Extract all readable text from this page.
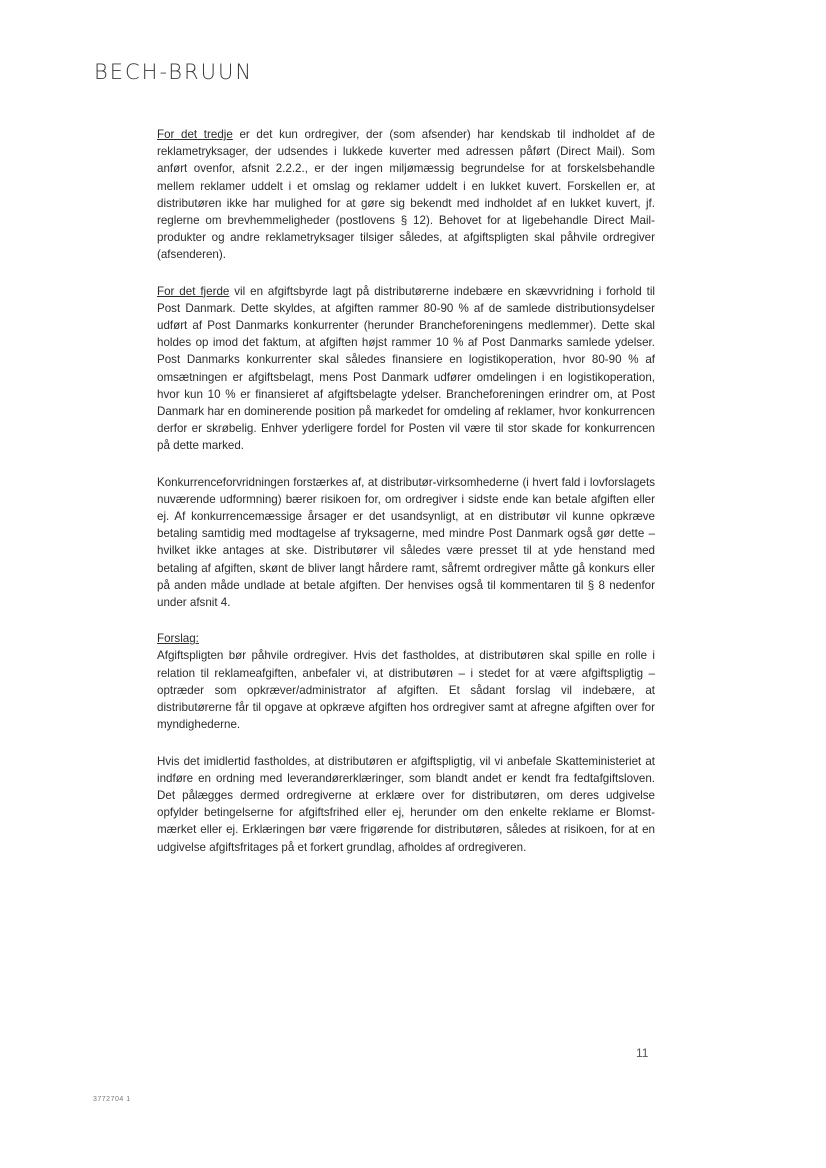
BECH-BRUUN

For det tredje er det kun ordregiver, der (som afsender) har kendskab til indholdet af de reklametryksager, der udsendes i lukkede kuverter med adressen påført (Direct Mail). Som anført ovenfor, afsnit 2.2.2., er der ingen miljømæssig begrundelse for at forskelsbehandle mellem reklamer uddelt i et omslag og reklamer uddelt i en lukket kuvert. Forskellen er, at distributøren ikke har mulighed for at gøre sig bekendt med indholdet af en lukket kuvert, jf. reglerne om brevhemmeligheder (postlovens § 12). Behovet for at ligebehandle Direct Mail-produkter og andre reklametryksager tilsiger således, at afgiftspligten skal påhvile ordregiver (afsenderen).

For det fjerde vil en afgiftsbyrde lagt på distributørerne indebære en skævvridning i forhold til Post Danmark. Dette skyldes, at afgiften rammer 80-90 % af de samlede distributionsydelser udført af Post Danmarks konkurrenter (herunder Brancheforeningens medlemmer). Dette skal holdes op imod det faktum, at afgiften højst rammer 10 % af Post Danmarks samlede ydelser. Post Danmarks konkurrenter skal således finansiere en logistikoperation, hvor 80-90 % af omsætningen er afgiftsbelagt, mens Post Danmark udfører omdelingen i en logistikoperation, hvor kun 10 % er finansieret af afgiftsbelagte ydelser. Brancheforeningen erindrer om, at Post Danmark har en dominerende position på markedet for omdeling af reklamer, hvor konkurrencen derfor er skrøbelig. Enhver yderligere fordel for Posten vil være til stor skade for konkurrencen på dette marked.

Konkurrenceforvridningen forstærkes af, at distributør-virksomhederne (i hvert fald i lovforslagets nuværende udformning) bærer risikoen for, om ordregiver i sidste ende kan betale afgiften eller ej. Af konkurrencemæssige årsager er det usandsynligt, at en distributør vil kunne opkræve betaling samtidig med modtagelse af tryksagerne, med mindre Post Danmark også gør dette – hvilket ikke antages at ske. Distributører vil således være presset til at yde henstand med betaling af afgiften, skønt de bliver langt hårdere ramt, såfremt ordregiver måtte gå konkurs eller på anden måde undlade at betale afgiften. Der henvises også til kommentaren til § 8 nedenfor under afsnit 4.

Forslag:
Afgiftspligten bør påhvile ordregiver. Hvis det fastholdes, at distributøren skal spille en rolle i relation til reklameafgiften, anbefaler vi, at distributøren – i stedet for at være afgiftspligtig – optræder som opkræver/administrator af afgiften. Et sådant forslag vil indebære, at distributørerne får til opgave at opkræve afgiften hos ordregiver samt at afregne afgiften over for myndighederne.

Hvis det imidlertid fastholdes, at distributøren er afgiftspligtig, vil vi anbefale Skatteministeriet at indføre en ordning med leverandørerklæringer, som blandt andet er kendt fra fedtafgiftsloven. Det pålægges dermed ordregiverne at erklære over for distributøren, om deres udgivelse opfylder betingelserne for afgiftsfrihed eller ej, herunder om den enkelte reklame er Blomst-mærket eller ej. Erklæringen bør være frigørende for distributøren, således at risikoen, for at en udgivelse afgiftsfritages på et forkert grundlag, afholdes af ordregiveren.

11
3772704 1
